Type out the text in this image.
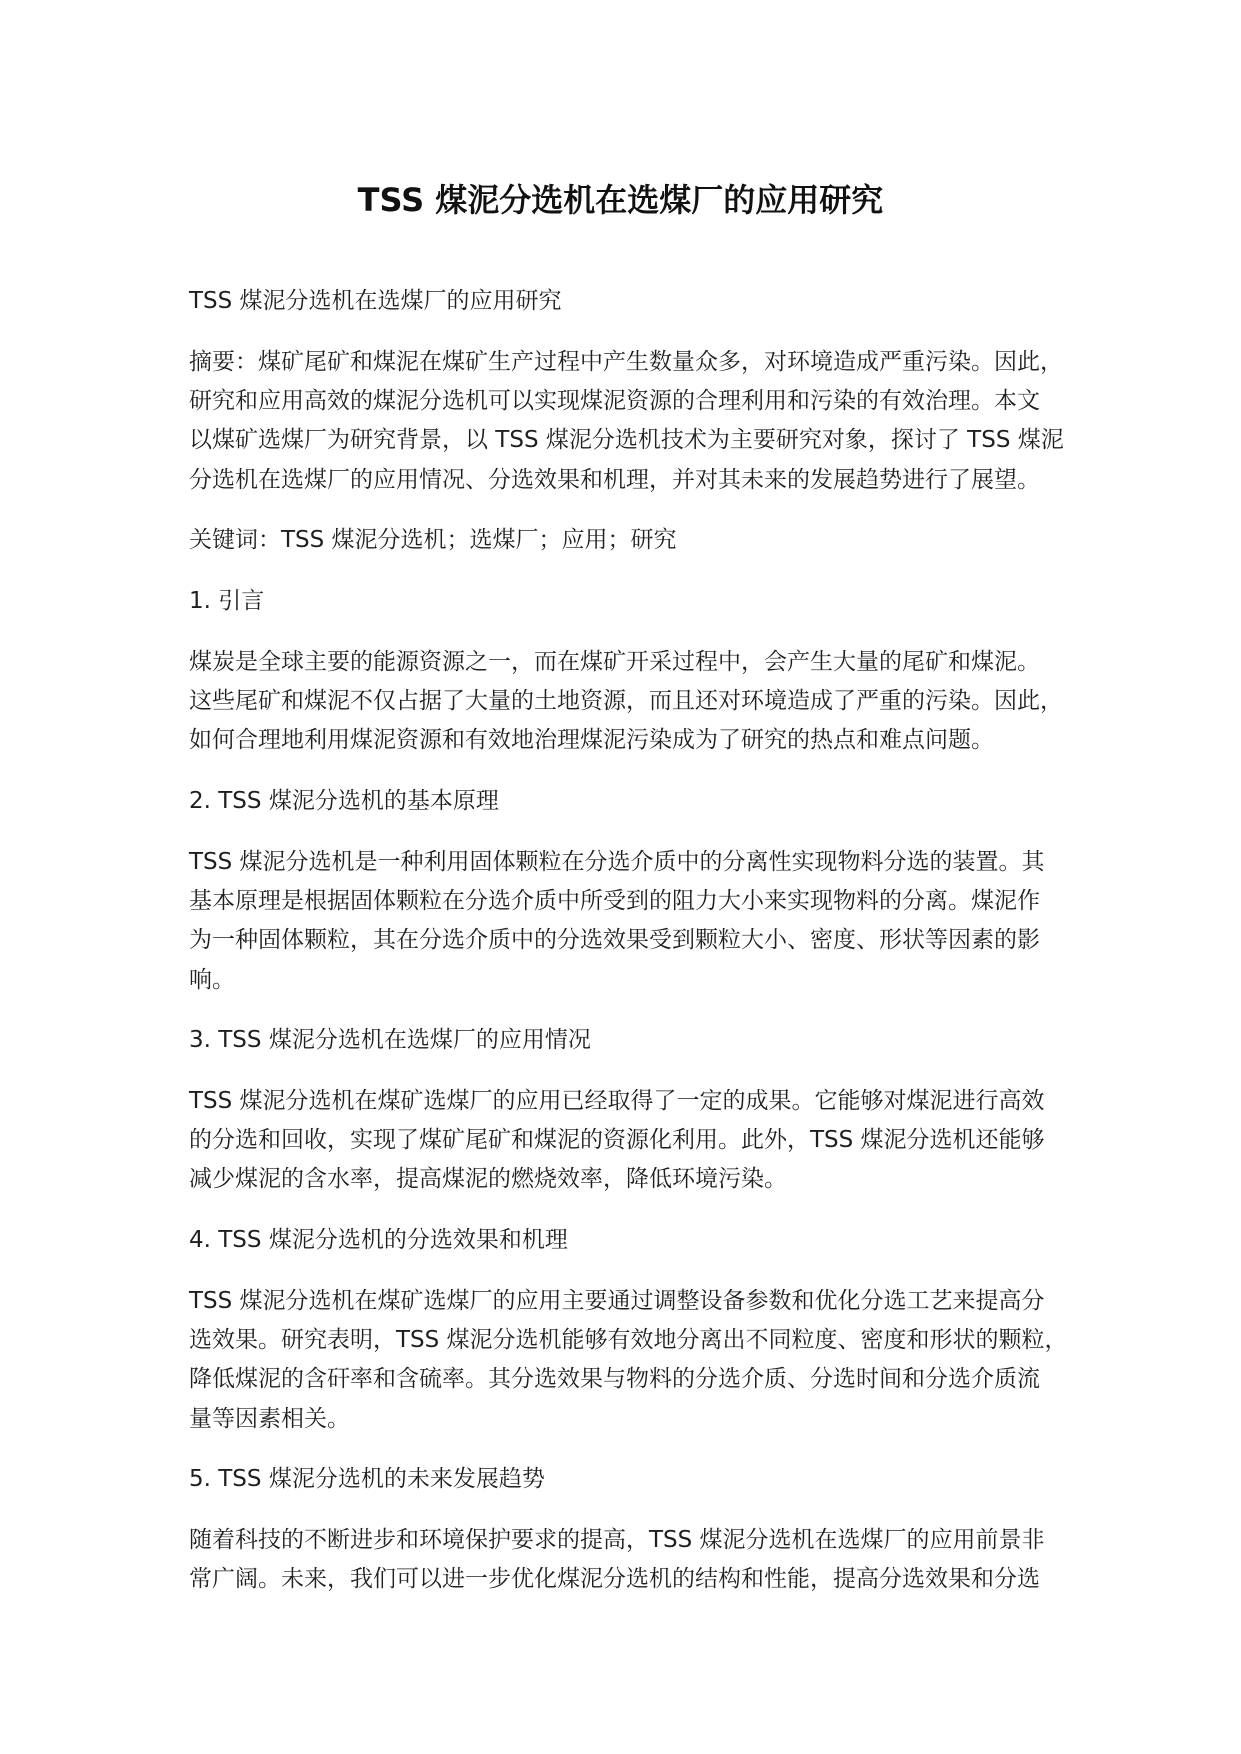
TSS 煤泥分选机在选煤厂的应用研究
TSS 煤泥分选机在选煤厂的应用研究
摘要：煤矿尾矿和煤泥在煤矿生产过程中产生数量众多，对环境造成严重污染。因此，
研究和应用高效的煤泥分选机可以实现煤泥资源的合理利用和污染的有效治理。本文
以煤矿选煤厂为研究背景，以 TSS 煤泥分选机技术为主要研究对象，探讨了 TSS 煤泥
分选机在选煤厂的应用情况、分选效果和机理，并对其未来的发展趋势进行了展望。
关键词：TSS 煤泥分选机；选煤厂；应用；研究
1. 引言
煤炭是全球主要的能源资源之一，而在煤矿开采过程中，会产生大量的尾矿和煤泥。
这些尾矿和煤泥不仅占据了大量的土地资源，而且还对环境造成了严重的污染。因此，
如何合理地利用煤泥资源和有效地治理煤泥污染成为了研究的热点和难点问题。
2. TSS 煤泥分选机的基本原理
TSS 煤泥分选机是一种利用固体颗粒在分选介质中的分离性实现物料分选的装置。其
基本原理是根据固体颗粒在分选介质中所受到的阻力大小来实现物料的分离。煤泥作
为一种固体颗粒，其在分选介质中的分选效果受到颗粒大小、密度、形状等因素的影
响。
3. TSS 煤泥分选机在选煤厂的应用情况
TSS 煤泥分选机在煤矿选煤厂的应用已经取得了一定的成果。它能够对煤泥进行高效
的分选和回收，实现了煤矿尾矿和煤泥的资源化利用。此外，TSS 煤泥分选机还能够
减少煤泥的含水率，提高煤泥的燃烧效率，降低环境污染。
4. TSS 煤泥分选机的分选效果和机理
TSS 煤泥分选机在煤矿选煤厂的应用主要通过调整设备参数和优化分选工艺来提高分
选效果。研究表明，TSS 煤泥分选机能够有效地分离出不同粒度、密度和形状的颗粒，
降低煤泥的含矸率和含硫率。其分选效果与物料的分选介质、分选时间和分选介质流
量等因素相关。
5. TSS 煤泥分选机的未来发展趋势
随着科技的不断进步和环境保护要求的提高，TSS 煤泥分选机在选煤厂的应用前景非
常广阔。未来，我们可以进一步优化煤泥分选机的结构和性能，提高分选效果和分选
